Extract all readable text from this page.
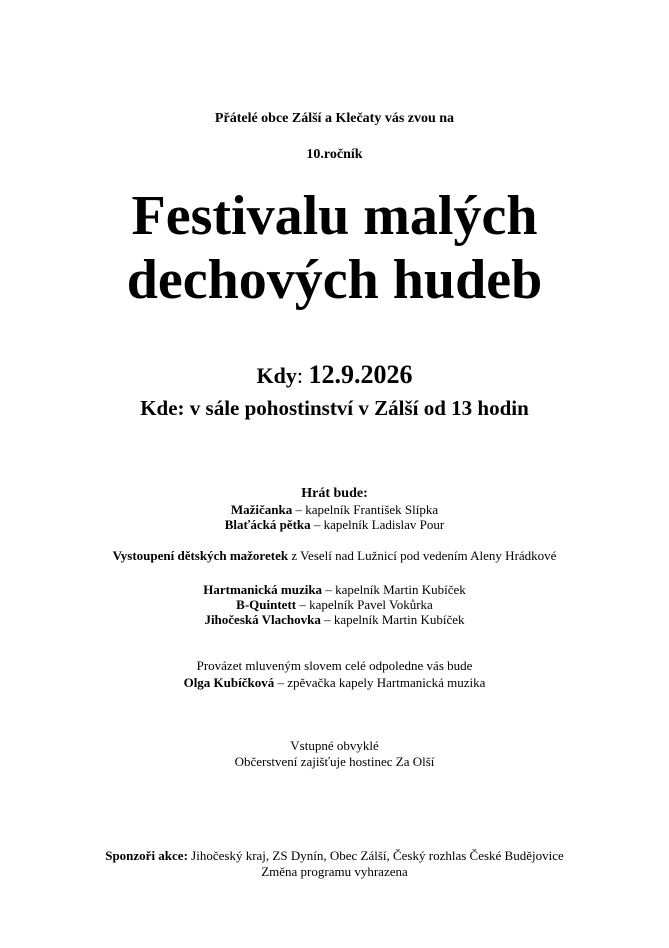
Přátelé obce Zálší a Klečaty vás zvou na
10.ročník
Festivalu malých
dechových hudeb
Kdy: 12.9.2026
Kde: v sále pohostinství v Zálší od 13 hodin
Hrát bude:
Mažičanka – kapelník František Slípka
Blaťácká pětka – kapelník Ladislav Pour
Vystoupení dětských mažoretek z Veselí nad Lužnicí pod vedením Aleny Hrádkové
Hartmanická muzika – kapelník Martin Kubíček
B-Quintett – kapelník Pavel Vokůrka
Jihočeská Vlachovka – kapelník Martin Kubíček
Provázet mluveným slovem celé odpoledne vás bude
Olga Kubíčková – zpěvačka kapely Hartmanická muzika
Vstupné obvyklé
Občerstvení zajišťuje hostinec Za Olší
Sponzoři akce: Jihočeský kraj, ZS Dynín, Obec Zálší, Český rozhlas České Budějovice
Změna programu vyhrazena
